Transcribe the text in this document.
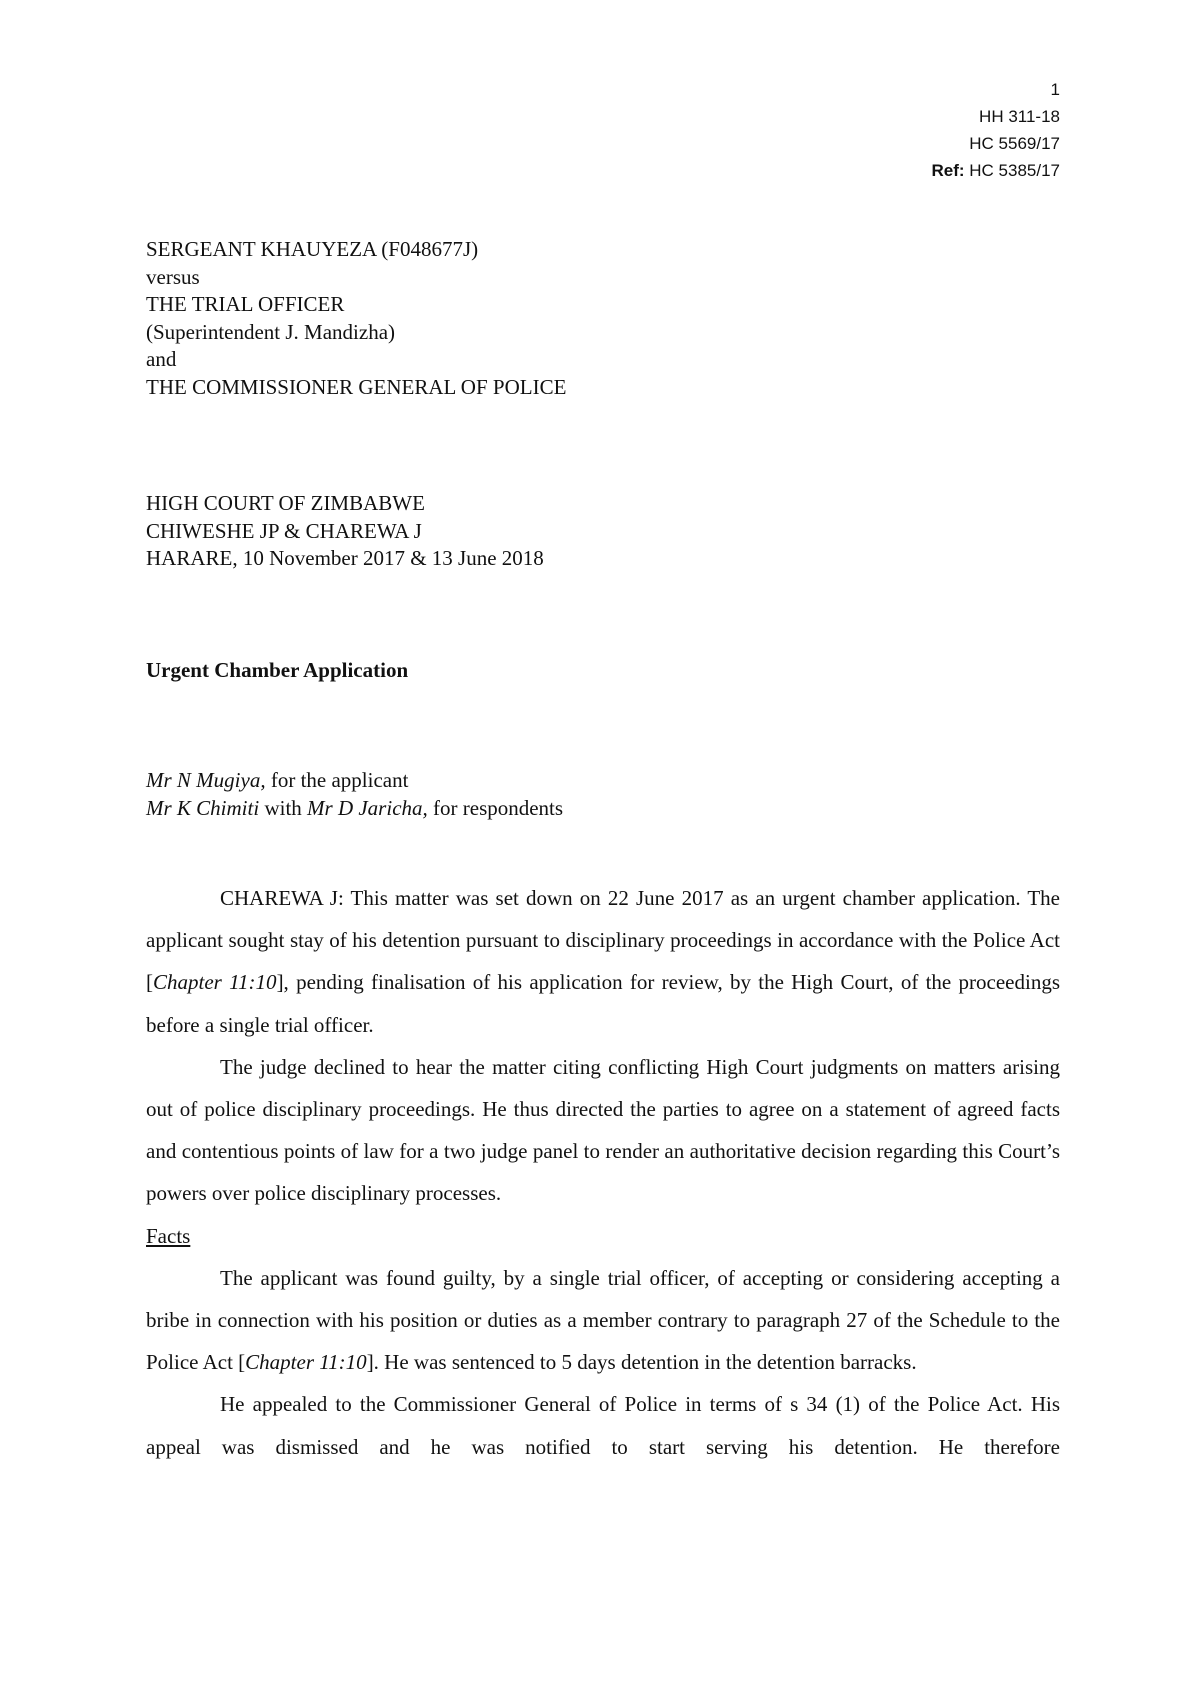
1
HH 311-18
HC 5569/17
Ref: HC 5385/17
SERGEANT KHAUYEZA (F048677J)
versus
THE TRIAL OFFICER
(Superintendent J. Mandizha)
and
THE COMMISSIONER GENERAL OF POLICE
HIGH COURT OF ZIMBABWE
CHIWESHE JP & CHAREWA J
HARARE, 10 November 2017 & 13 June 2018
Urgent Chamber Application
Mr N Mugiya, for the applicant
Mr K Chimiti with Mr D Jaricha, for respondents

CHAREWA J: This matter was set down on 22 June 2017 as an urgent chamber application. The applicant sought stay of his detention pursuant to disciplinary proceedings in accordance with the Police Act [Chapter 11:10], pending finalisation of his application for review, by the High Court, of the proceedings before a single trial officer.

The judge declined to hear the matter citing conflicting High Court judgments on matters arising out of police disciplinary proceedings. He thus directed the parties to agree on a statement of agreed facts and contentious points of law for a two judge panel to render an authoritative decision regarding this Court’s powers over police disciplinary processes.

Facts

The applicant was found guilty, by a single trial officer, of accepting or considering accepting a bribe in connection with his position or duties as a member contrary to paragraph 27 of the Schedule to the Police Act [Chapter 11:10]. He was sentenced to 5 days detention in the detention barracks.

He appealed to the Commissioner General of Police in terms of s 34 (1) of the Police Act. His appeal was dismissed and he was notified to start serving his detention. He therefore
